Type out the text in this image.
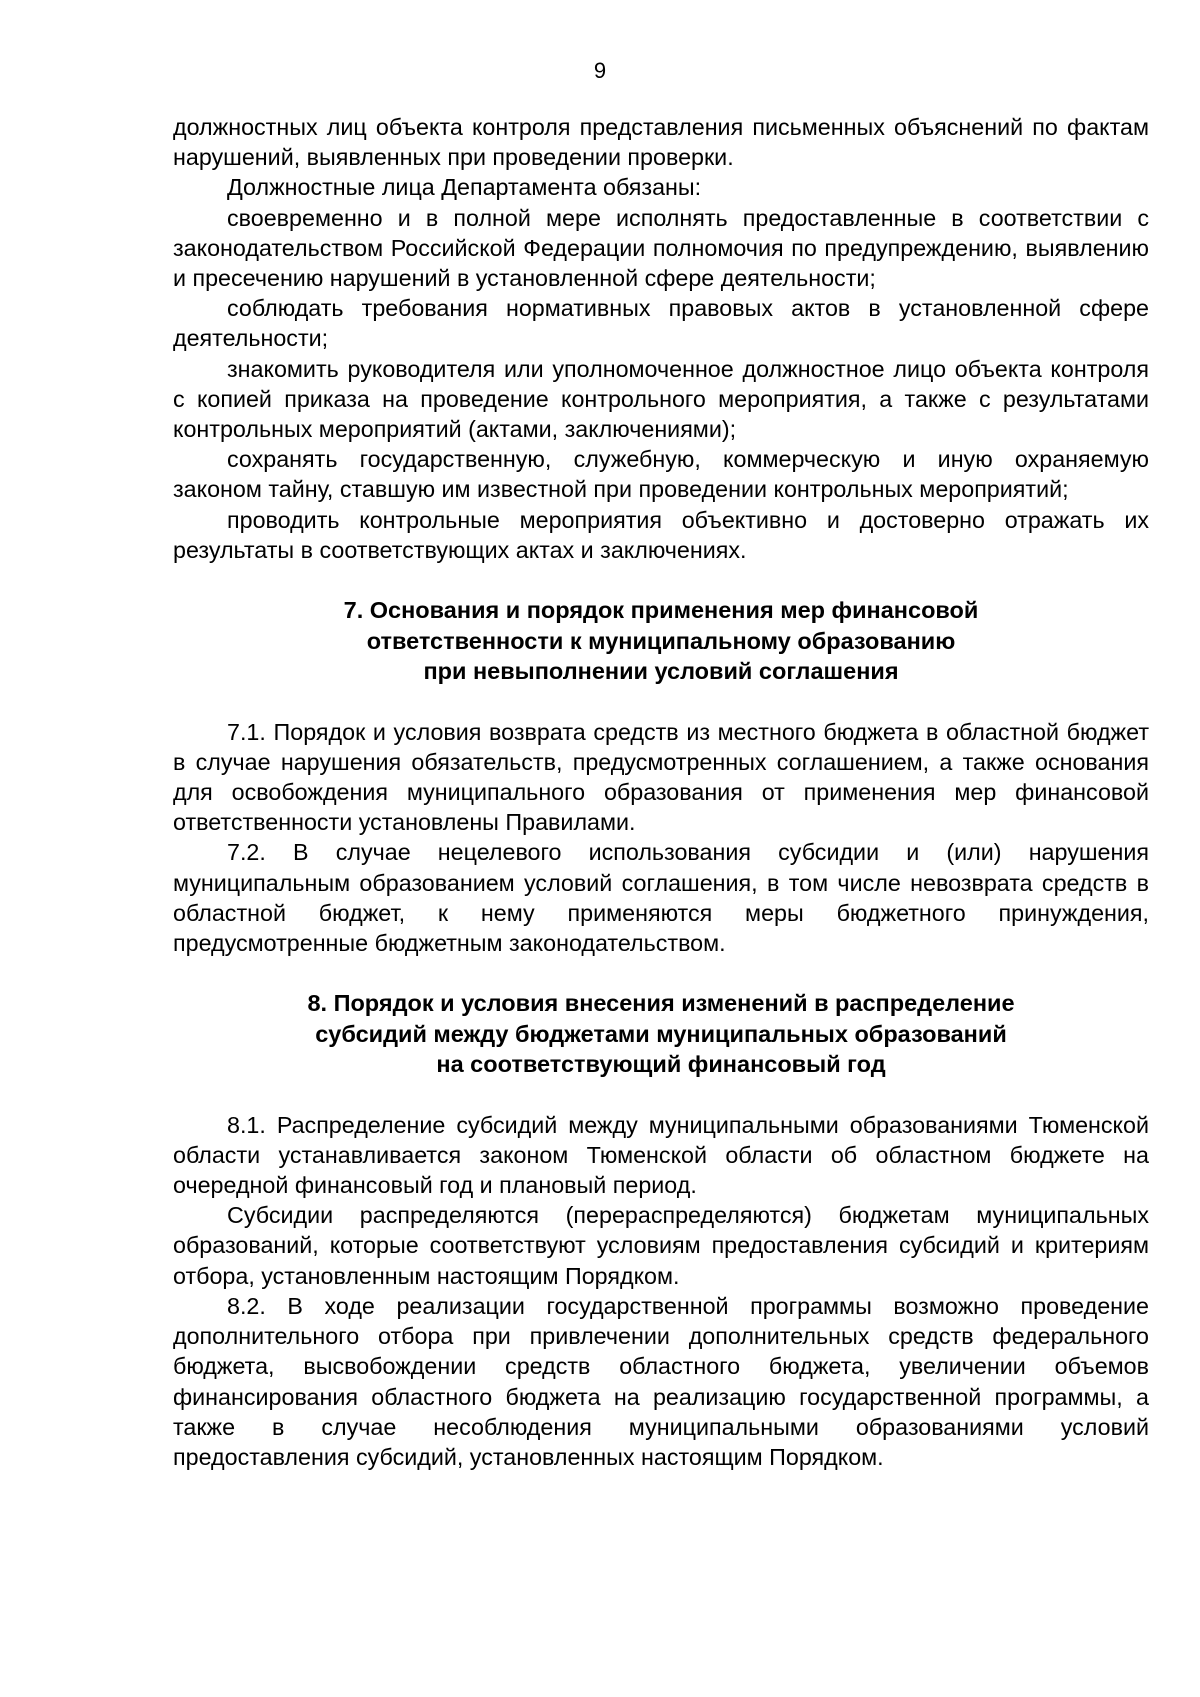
9

должностных лиц объекта контроля представления письменных объяснений по фактам нарушений, выявленных при проведении проверки.

Должностные лица Департамента обязаны:

своевременно и в полной мере исполнять предоставленные в соответствии с законодательством Российской Федерации полномочия по предупреждению, выявлению и пресечению нарушений в установленной сфере деятельности;

соблюдать требования нормативных правовых актов в установленной сфере деятельности;

знакомить руководителя или уполномоченное должностное лицо объекта контроля с копией приказа на проведение контрольного мероприятия, а также с результатами контрольных мероприятий (актами, заключениями);

сохранять государственную, служебную, коммерческую и иную охраняемую законом тайну, ставшую им известной при проведении контрольных мероприятий;

проводить контрольные мероприятия объективно и достоверно отражать их результаты в соответствующих актах и заключениях.

7. Основания и порядок применения мер финансовой

ответственности к муниципальному образованию

при невыполнении условий соглашения

7.1. Порядок и условия возврата средств из местного бюджета в областной бюджет в случае нарушения обязательств, предусмотренных соглашением, а также основания для освобождения муниципального образования от применения мер финансовой ответственности установлены Правилами.

7.2. В случае нецелевого использования субсидии и (или) нарушения муниципальным образованием условий соглашения, в том числе невозврата средств в областной бюджет, к нему применяются меры бюджетного принуждения, предусмотренные бюджетным законодательством.

8. Порядок и условия внесения изменений в распределение

субсидий между бюджетами муниципальных образований

на соответствующий финансовый год

8.1. Распределение субсидий между муниципальными образованиями Тюменской области устанавливается законом Тюменской области об областном бюджете на очередной финансовый год и плановый период.

Субсидии распределяются (перераспределяются) бюджетам муниципальных образований, которые соответствуют условиям предоставления субсидий и критериям отбора, установленным настоящим Порядком.

8.2. В ходе реализации государственной программы возможно проведение дополнительного отбора при привлечении дополнительных средств федерального бюджета, высвобождении средств областного бюджета, увеличении объемов финансирования областного бюджета на реализацию государственной программы, а также в случае несоблюдения муниципальными образованиями условий предоставления субсидий, установленных настоящим Порядком.
